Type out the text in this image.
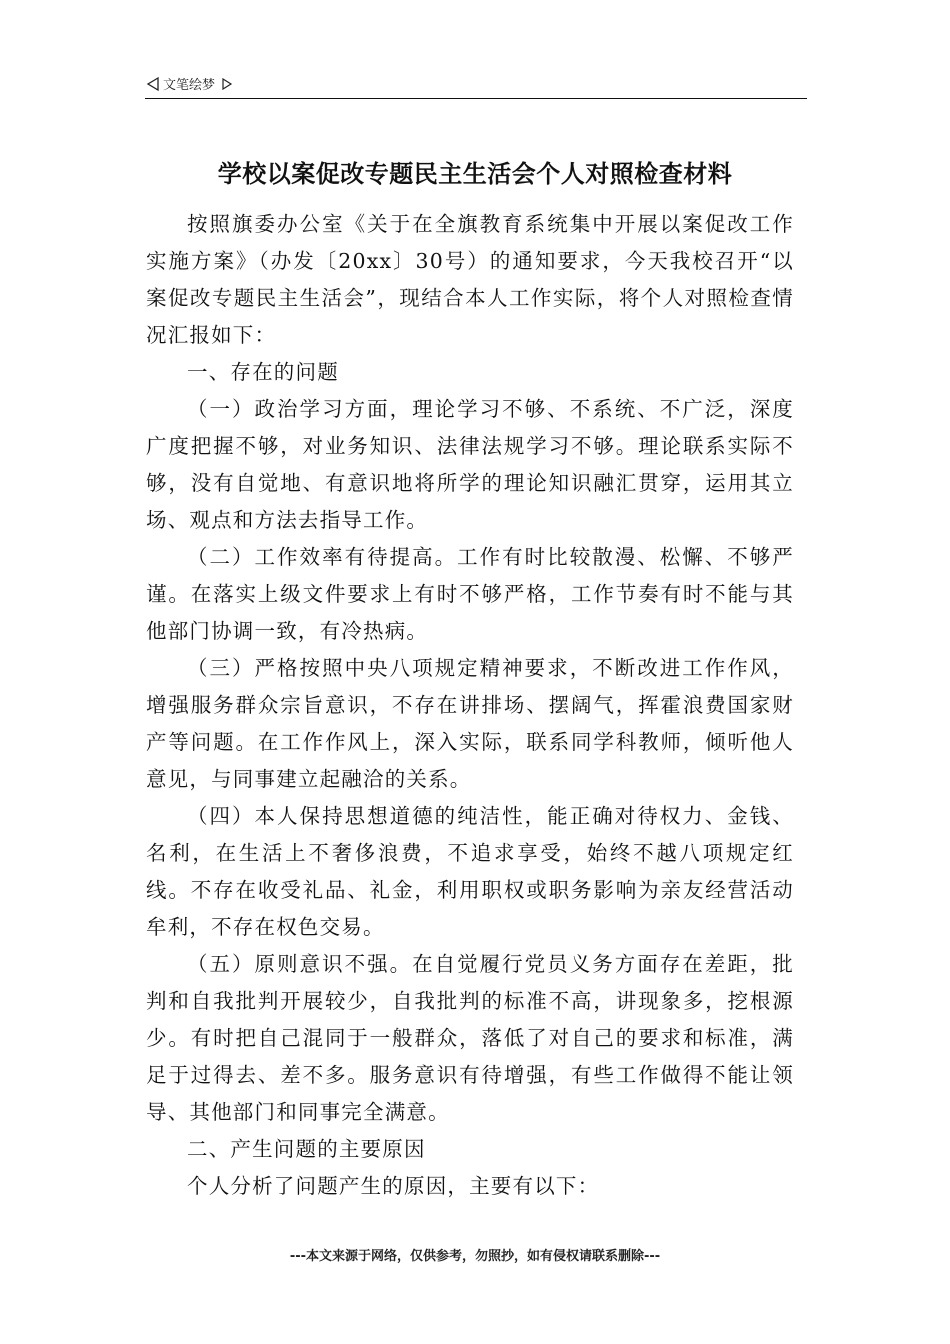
文笔绘梦
学校以案促改专题民主生活会个人对照检查材料

按照旗委办公室《关于在全旗教育系统集中开展以案促改工作实施方案》（办发〔20xx〕30号）的通知要求，今天我校召开“以案促改专题民主生活会”，现结合本人工作实际，将个人对照检查情况汇报如下：

一、存在的问题

（一）政治学习方面，理论学习不够、不系统、不广泛，深度广度把握不够，对业务知识、法律法规学习不够。理论联系实际不够，没有自觉地、有意识地将所学的理论知识融汇贯穿，运用其立场、观点和方法去指导工作。

（二）工作效率有待提高。工作有时比较散漫、松懈、不够严谨。在落实上级文件要求上有时不够严格，工作节奏有时不能与其他部门协调一致，有冷热病。

（三）严格按照中央八项规定精神要求，不断改进工作作风，增强服务群众宗旨意识，不存在讲排场、摆阔气，挥霍浪费国家财产等问题。在工作作风上，深入实际，联系同学科教师，倾听他人意见，与同事建立起融洽的关系。

（四）本人保持思想道德的纯洁性，能正确对待权力、金钱、名利，在生活上不奢侈浪费，不追求享受，始终不越八项规定红线。不存在收受礼品、礼金，利用职权或职务影响为亲友经营活动牟利，不存在权色交易。

（五）原则意识不强。在自觉履行党员义务方面存在差距，批判和自我批判开展较少，自我批判的标准不高，讲现象多，挖根源少。有时把自己混同于一般群众，落低了对自己的要求和标准，满足于过得去、差不多。服务意识有待增强，有些工作做得不能让领导、其他部门和同事完全满意。

二、产生问题的主要原因

个人分析了问题产生的原因，主要有以下：

---本文来源于网络，仅供参考，勿照抄，如有侵权请联系删除---
